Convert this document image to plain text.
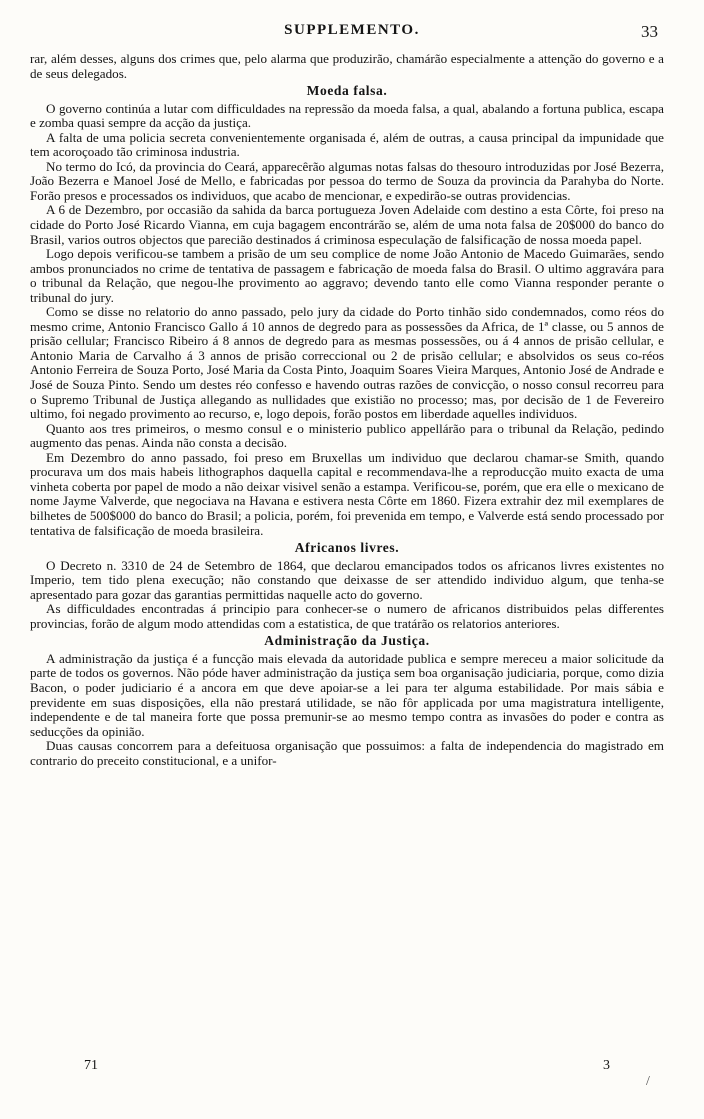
SUPPLEMENTO.	33

rar, além desses, alguns dos crimes que, pelo alarma que produzirão, chamárão especialmente a attenção do governo e a de seus delegados.

Moeda falsa.

O governo continúa a lutar com difficuldades na repressão da moeda falsa, a qual, abalando a fortuna publica, escapa e zomba quasi sempre da acção da justiça.

A falta de uma policia secreta convenientemente organisada é, além de outras, a causa principal da impunidade que tem acoroçoado tão criminosa industria.

No termo do Icó, da provincia do Ceará, apparecêrão algumas notas falsas do thesouro introduzidas por José Bezerra, João Bezerra e Manoel José de Mello, e fabricadas por pessoa do termo de Souza da provincia da Parahyba do Norte. Forão presos e processados os individuos, que acabo de mencionar, e expedirão-se outras providencias.

A 6 de Dezembro, por occasião da sahida da barca portugueza Joven Adelaide com destino a esta Côrte, foi preso na cidade do Porto José Ricardo Vianna, em cuja bagagem encontrárão se, além de uma nota falsa de 20$000 do banco do Brasil, varios outros objectos que parecião destinados á criminosa especulação de falsificação de nossa moeda papel.

Logo depois verificou-se tambem a prisão de um seu complice de nome João Antonio de Macedo Guimarães, sendo ambos pronunciados no crime de tentativa de passagem e fabricação de moeda falsa do Brasil. O ultimo aggravára para o tribunal da Relação, que negou-lhe provimento ao aggravo; devendo tanto elle como Vianna responder perante o tribunal do jury.

Como se disse no relatorio do anno passado, pelo jury da cidade do Porto tinhão sido condemnados, como réos do mesmo crime, Antonio Francisco Gallo á 10 annos de degredo para as possessões da Africa, de 1ª classe, ou 5 annos de prisão cellular; Francisco Ribeiro á 8 annos de degredo para as mesmas possessões, ou á 4 annos de prisão cellular, e Antonio Maria de Carvalho á 3 annos de prisão correccional ou 2 de prisão cellular; e absolvidos os seus co-réos Antonio Ferreira de Souza Porto, José Maria da Costa Pinto, Joaquim Soares Vieira Marques, Antonio José de Andrade e José de Souza Pinto. Sendo um destes réo confesso e havendo outras razões de convicção, o nosso consul recorreu para o Supremo Tribunal de Justiça allegando as nullidades que existião no processo; mas, por decisão de 1 de Fevereiro ultimo, foi negado provimento ao recurso, e, logo depois, forão postos em liberdade aquelles individuos.

Quanto aos tres primeiros, o mesmo consul e o ministerio publico appellárão para o tribunal da Relação, pedindo augmento das penas. Ainda não consta a decisão.

Em Dezembro do anno passado, foi preso em Bruxellas um individuo que declarou chamar-se Smith, quando procurava um dos mais habeis lithographos daquella capital e recommendava-lhe a reproducção muito exacta de uma vinheta coberta por papel de modo a não deixar visivel senão a estampa. Verificou-se, porém, que era elle o mexicano de nome Jayme Valverde, que negociava na Havana e estivera nesta Côrte em 1860. Fizera extrahir dez mil exemplares de bilhetes de 500$000 do banco do Brasil; a policia, porém, foi prevenida em tempo, e Valverde está sendo processado por tentativa de falsificação de moeda brasileira.

Africanos livres.

O Decreto n. 3310 de 24 de Setembro de 1864, que declarou emancipados todos os africanos livres existentes no Imperio, tem tido plena execução; não constando que deixasse de ser attendido individuo algum, que tenha-se apresentado para gozar das garantias permittidas naquelle acto do governo.

As difficuldades encontradas á principio para conhecer-se o numero de africanos distribuidos pelas differentes provincias, forão de algum modo attendidas com a estatistica, de que tratárão os relatorios anteriores.

Administração da Justiça.

A administração da justiça é a funcção mais elevada da autoridade publica e sempre mereceu a maior solicitude da parte de todos os governos. Não póde haver administração da justiça sem boa organisação judiciaria, porque, como dizia Bacon, o poder judiciario é a ancora em que deve apoiar-se a lei para ter alguma estabilidade. Por mais sábia e previdente em suas disposições, ella não prestará utilidade, se não fôr applicada por uma magistratura intelligente, independente e de tal maneira forte que possa premunir-se ao mesmo tempo contra as invasões do poder e contra as seducções da opinião.

Duas causas concorrem para a defeituosa organisação que possuimos: a falta de independencia do magistrado em contrario do preceito constitucional, e a unifor-

71	3
/
